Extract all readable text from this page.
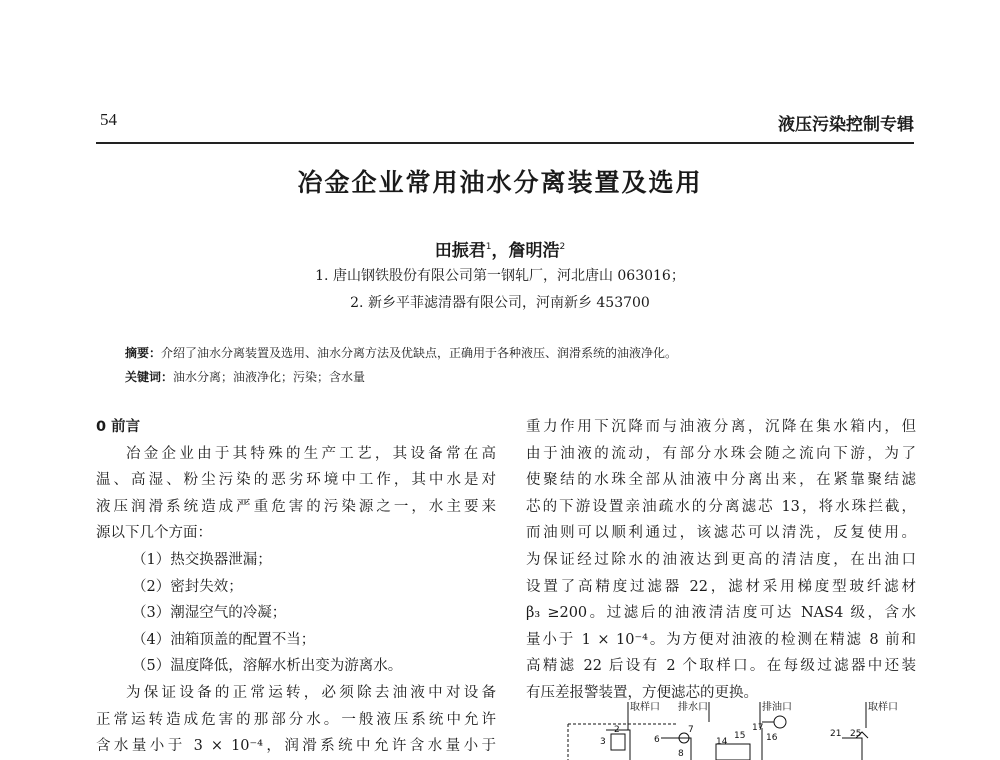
54	液压污染控制专辑
冶金企业常用油水分离装置及选用
田振君$^1$，詹明浩$^2$
1. 唐山钢铁股份有限公司第一钢轧厂，河北唐山 063016；
2. 新乡平菲滤清器有限公司，河南新乡 453700
摘要：介绍了油水分离装置及选用、油水分离方法及优缺点，正确用于各种液压、润滑系统的油液净化。
关键词：油水分离；油液净化；污染；含水量
0 前言
冶金企业由于其特殊的生产工艺，其设备常在高
温、高湿、粉尘污染的恶劣环境中工作，其中水是对
液压润滑系统造成严重危害的污染源之一，水主要来
源以下几个方面：
（1）热交换器泄漏；
（2）密封失效；
（3）潮湿空气的冷凝；
（4）油箱顶盖的配置不当；
（5）温度降低，溶解水析出变为游离水。
为保证设备的正常运转，必须除去油液中对设备
正常运转造成危害的那部分水。一般液压系统中允许
含水量小于 3 × 10⁻⁴，润滑系统中允许含水量小于
重力作用下沉降而与油液分离，沉降在集水箱内，但
由于油液的流动，有部分水珠会随之流向下游，为了
使聚结的水珠全部从油液中分离出来，在紧靠聚结滤
芯的下游设置亲油疏水的分离滤芯 13，将水珠拦截，
而油则可以顺利通过，该滤芯可以清洗，反复使用。
为保证经过除水的油液达到更高的清洁度，在出油口
设置了高精度过滤器 22，滤材采用梯度型玻纤滤材
β₃ ≥200。过滤后的油液清洁度可达 NAS4 级，含水
量小于 1 × 10⁻⁴。为方便对油液的检测在精滤 8 前和
高精滤 22 后设有 2 个取样口。在每级过滤器中还装
有压差报警装置，方便滤芯的更换。
取样口 排水口	排油口	取样口
2
3	6
7
8
14
15 16
17
21 25
